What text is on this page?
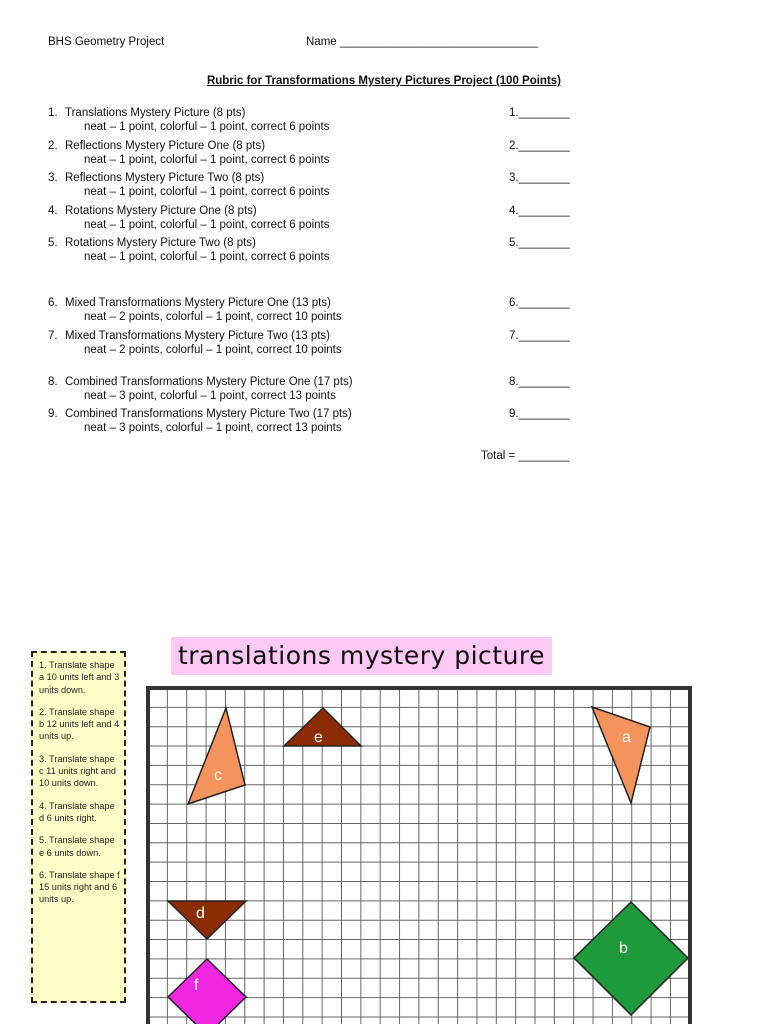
BHS Geometry Project	Name _______________________________
Rubric for Transformations Mystery Pictures Project (100 Points)
1. Translations Mystery Picture (8 pts)
neat – 1 point, colorful – 1 point, correct 6 points
2. Reflections Mystery Picture One (8 pts)
neat – 1 point, colorful – 1 point, correct 6 points
3. Reflections Mystery Picture Two (8 pts)
neat – 1 point, colorful – 1 point, correct 6 points
4. Rotations Mystery Picture One (8 pts)
neat – 1 point, colorful – 1 point, correct 6 points
5. Rotations Mystery Picture Two (8 pts)
neat – 1 point, colorful – 1 point, correct 6 points
6. Mixed Transformations Mystery Picture One (13 pts)
neat – 2 points, colorful – 1 point, correct 10 points
7. Mixed Transformations Mystery Picture Two (13 pts)
neat – 2 points, colorful – 1 point, correct 10 points
8. Combined Transformations Mystery Picture One (17 pts)
neat – 3 point, colorful – 1 point, correct 13 points
9. Combined Transformations Mystery Picture Two (17 pts)
neat – 3 points, colorful – 1 point, correct 13 points
1.________
2.________
3.________
4.________
5.________
6.________
7.________
8.________
9.________
Total = ________
1. Translate shape a 10 units left and 3 units down.
2. Translate shape b 12 units left and 4 units up.
3. Translate shape c 11 units right and 10 units down.
4. Translate shape d 6 units right.
5. Translate shape e 6 units down.
6. Translate shape f 15 units right and 6 units up.
translations mystery picture
a
b
c
d
e
f
